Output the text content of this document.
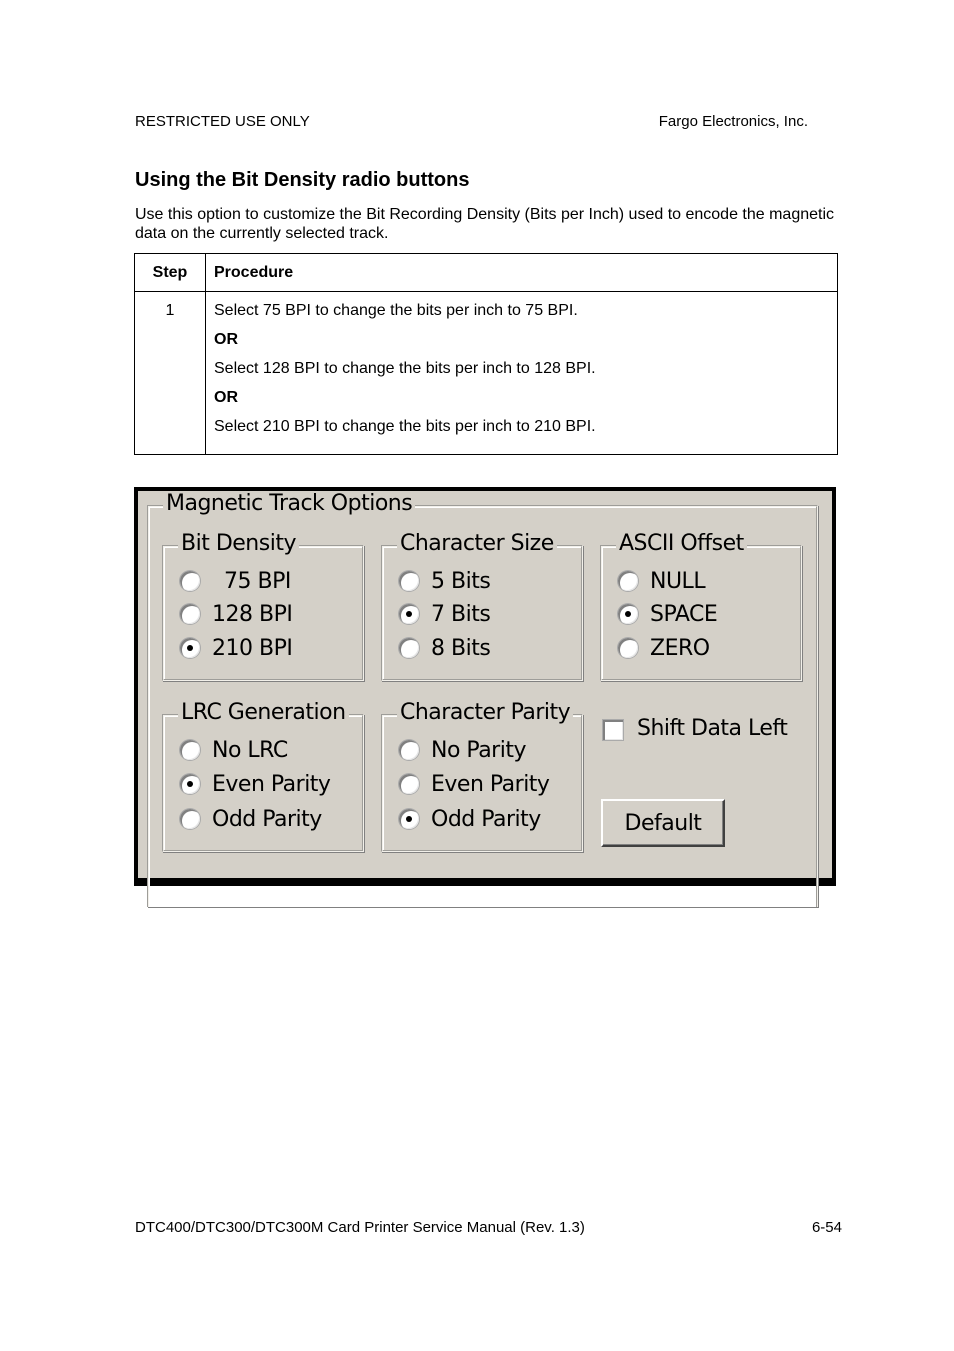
RESTRICTED USE ONLY	Fargo Electronics, Inc.
Using the Bit Density radio buttons

Use this option to customize the Bit Recording Density (Bits per Inch) used to encode the magnetic data on the currently selected track.

Step	Procedure
1	Select 75 BPI to change the bits per inch to 75 BPI.
OR
Select 128 BPI to change the bits per inch to 128 BPI.
OR
Select 210 BPI to change the bits per inch to 210 BPI.
Magnetic Track Options
Bit Density
75 BPI
128 BPI
210 BPI
Character Size
5 Bits
7 Bits
8 Bits
ASCII Offset
NULL
SPACE
ZERO
LRC Generation
No LRC
Even Parity
Odd Parity
Character Parity
No Parity
Even Parity
Odd Parity
Shift Data Left
Default
DTC400/DTC300/DTC300M Card Printer Service Manual (Rev. 1.3)	6-54
